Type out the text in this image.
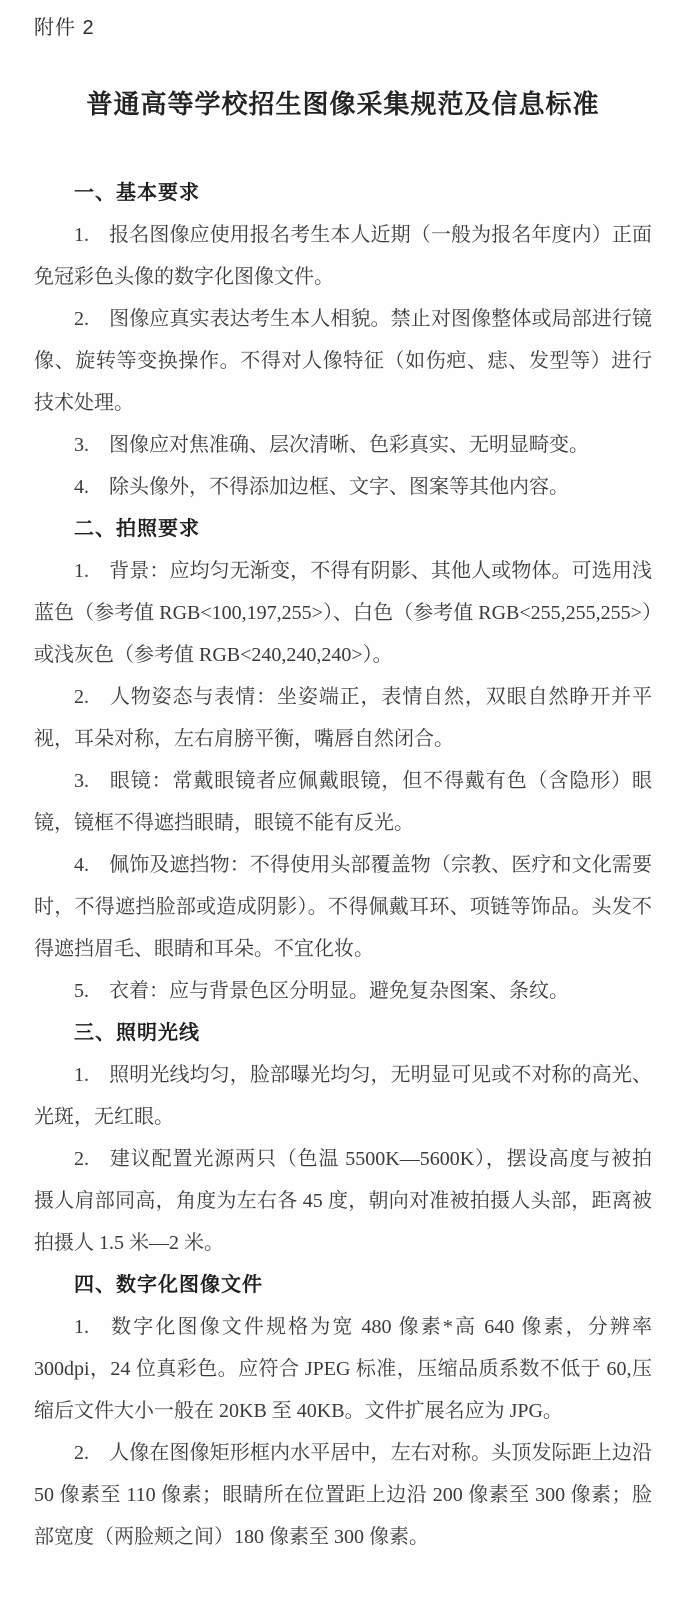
附件 2
普通高等学校招生图像采集规范及信息标准
一、基本要求

1. 报名图像应使用报名考生本人近期（一般为报名年度内）正面免冠彩色头像的数字化图像文件。

2. 图像应真实表达考生本人相貌。禁止对图像整体或局部进行镜像、旋转等变换操作。不得对人像特征（如伤疤、痣、发型等）进行技术处理。

3. 图像应对焦准确、层次清晰、色彩真实、无明显畸变。

4. 除头像外，不得添加边框、文字、图案等其他内容。

二、拍照要求

1. 背景：应均匀无渐变，不得有阴影、其他人或物体。可选用浅蓝色（参考值 RGB<100,197,255>）、白色（参考值 RGB<255,255,255>）或浅灰色（参考值 RGB<240,240,240>）。

2. 人物姿态与表情：坐姿端正，表情自然，双眼自然睁开并平视，耳朵对称，左右肩膀平衡，嘴唇自然闭合。

3. 眼镜：常戴眼镜者应佩戴眼镜，但不得戴有色（含隐形）眼镜，镜框不得遮挡眼睛，眼镜不能有反光。

4. 佩饰及遮挡物：不得使用头部覆盖物（宗教、医疗和文化需要时，不得遮挡脸部或造成阴影）。不得佩戴耳环、项链等饰品。头发不得遮挡眉毛、眼睛和耳朵。不宜化妆。

5. 衣着：应与背景色区分明显。避免复杂图案、条纹。

三、照明光线

1. 照明光线均匀，脸部曝光均匀，无明显可见或不对称的高光、光斑，无红眼。

2. 建议配置光源两只（色温 5500K—5600K），摆设高度与被拍摄人肩部同高，角度为左右各 45 度，朝向对准被拍摄人头部，距离被拍摄人 1.5 米—2 米。

四、数字化图像文件

1. 数字化图像文件规格为宽 480 像素*高 640 像素，分辨率 300dpi，24 位真彩色。应符合 JPEG 标准，压缩品质系数不低于 60,压缩后文件大小一般在 20KB 至 40KB。文件扩展名应为 JPG。

2. 人像在图像矩形框内水平居中，左右对称。头顶发际距上边沿 50 像素至 110 像素；眼睛所在位置距上边沿 200 像素至 300 像素；脸部宽度（两脸颊之间）180 像素至 300 像素。
